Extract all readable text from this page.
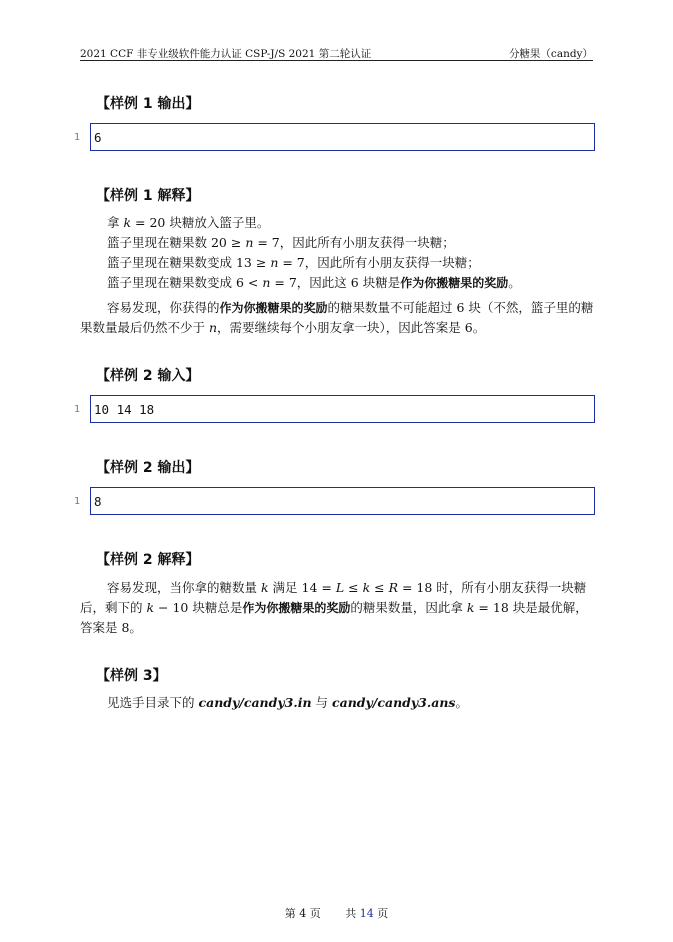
2021 CCF 非专业级软件能力认证 CSP-J/S 2021 第二轮认证	分糖果（candy）
【样例 1 输出】
1 6
【样例 1 解释】
拿 k = 20 块糖放入篮子里。
篮子里现在糖果数 20 ≥ n = 7，因此所有小朋友获得一块糖；
篮子里现在糖果数变成 13 ≥ n = 7，因此所有小朋友获得一块糖；
篮子里现在糖果数变成 6 < n = 7，因此这 6 块糖是作为你搬糖果的奖励。
容易发现，你获得的作为你搬糖果的奖励的糖果数量不可能超过 6 块（不然，篮子里的糖果数量最后仍然不少于 n，需要继续每个小朋友拿一块），因此答案是 6。
【样例 2 输入】
1 10 14 18
【样例 2 输出】
1 8
【样例 2 解释】
容易发现，当你拿的糖数量 k 满足 14 = L ≤ k ≤ R = 18 时，所有小朋友获得一块糖后，剩下的 k − 10 块糖总是作为你搬糖果的奖励的糖果数量，因此拿 k = 18 块是最优解，答案是 8。
【样例 3】
见选手目录下的 candy/candy3.in 与 candy/candy3.ans。
第 4 页 共 14 页
